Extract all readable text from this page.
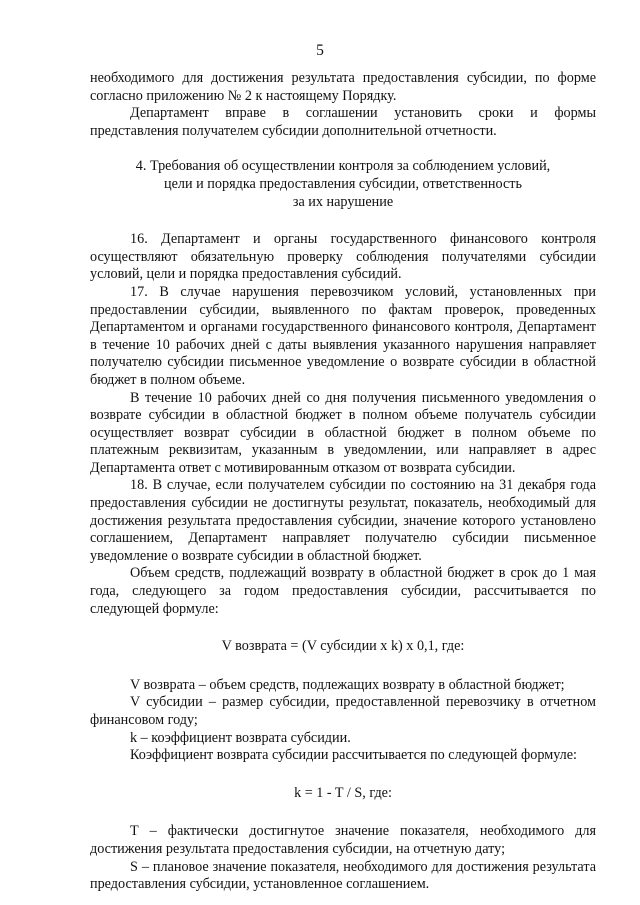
5

необходимого для достижения результата предоставления субсидии, по форме согласно приложению № 2 к настоящему Порядку.

Департамент вправе в соглашении установить сроки и формы представления получателем субсидии дополнительной отчетности.

4. Требования об осуществлении контроля за соблюдением условий,
цели и порядка предоставления субсидии, ответственность
за их нарушение

16. Департамент и органы государственного финансового контроля осуществляют обязательную проверку соблюдения получателями субсидии условий, цели и порядка предоставления субсидий.

17. В случае нарушения перевозчиком условий, установленных при предоставлении субсидии, выявленного по фактам проверок, проведенных Департаментом и органами государственного финансового контроля, Департамент в течение 10 рабочих дней с даты выявления указанного нарушения направляет получателю субсидии письменное уведомление о возврате субсидии в областной бюджет в полном объеме.

В течение 10 рабочих дней со дня получения письменного уведомления о возврате субсидии в областной бюджет в полном объеме получатель субсидии осуществляет возврат субсидии в областной бюджет в полном объеме по платежным реквизитам, указанным в уведомлении, или направляет в адрес Департамента ответ с мотивированным отказом от возврата субсидии.

18. В случае, если получателем субсидии по состоянию на 31 декабря года предоставления субсидии не достигнуты результат, показатель, необходимый для достижения результата предоставления субсидии, значение которого установлено соглашением, Департамент направляет получателю субсидии письменное уведомление о возврате субсидии в областной бюджет.

Объем средств, подлежащий возврату в областной бюджет в срок до 1 мая года, следующего за годом предоставления субсидии, рассчитывается по следующей формуле:

V возврата = (V субсидии x k) x 0,1, где:

V возврата – объем средств, подлежащих возврату в областной бюджет;

V субсидии – размер субсидии, предоставленной перевозчику в отчетном финансовом году;

k – коэффициент возврата субсидии.

Коэффициент возврата субсидии рассчитывается по следующей формуле:

k = 1 - T / S, где:

Т – фактически достигнутое значение показателя, необходимого для достижения результата предоставления субсидии, на отчетную дату;

S – плановое значение показателя, необходимого для достижения результата предоставления субсидии, установленное соглашением.
